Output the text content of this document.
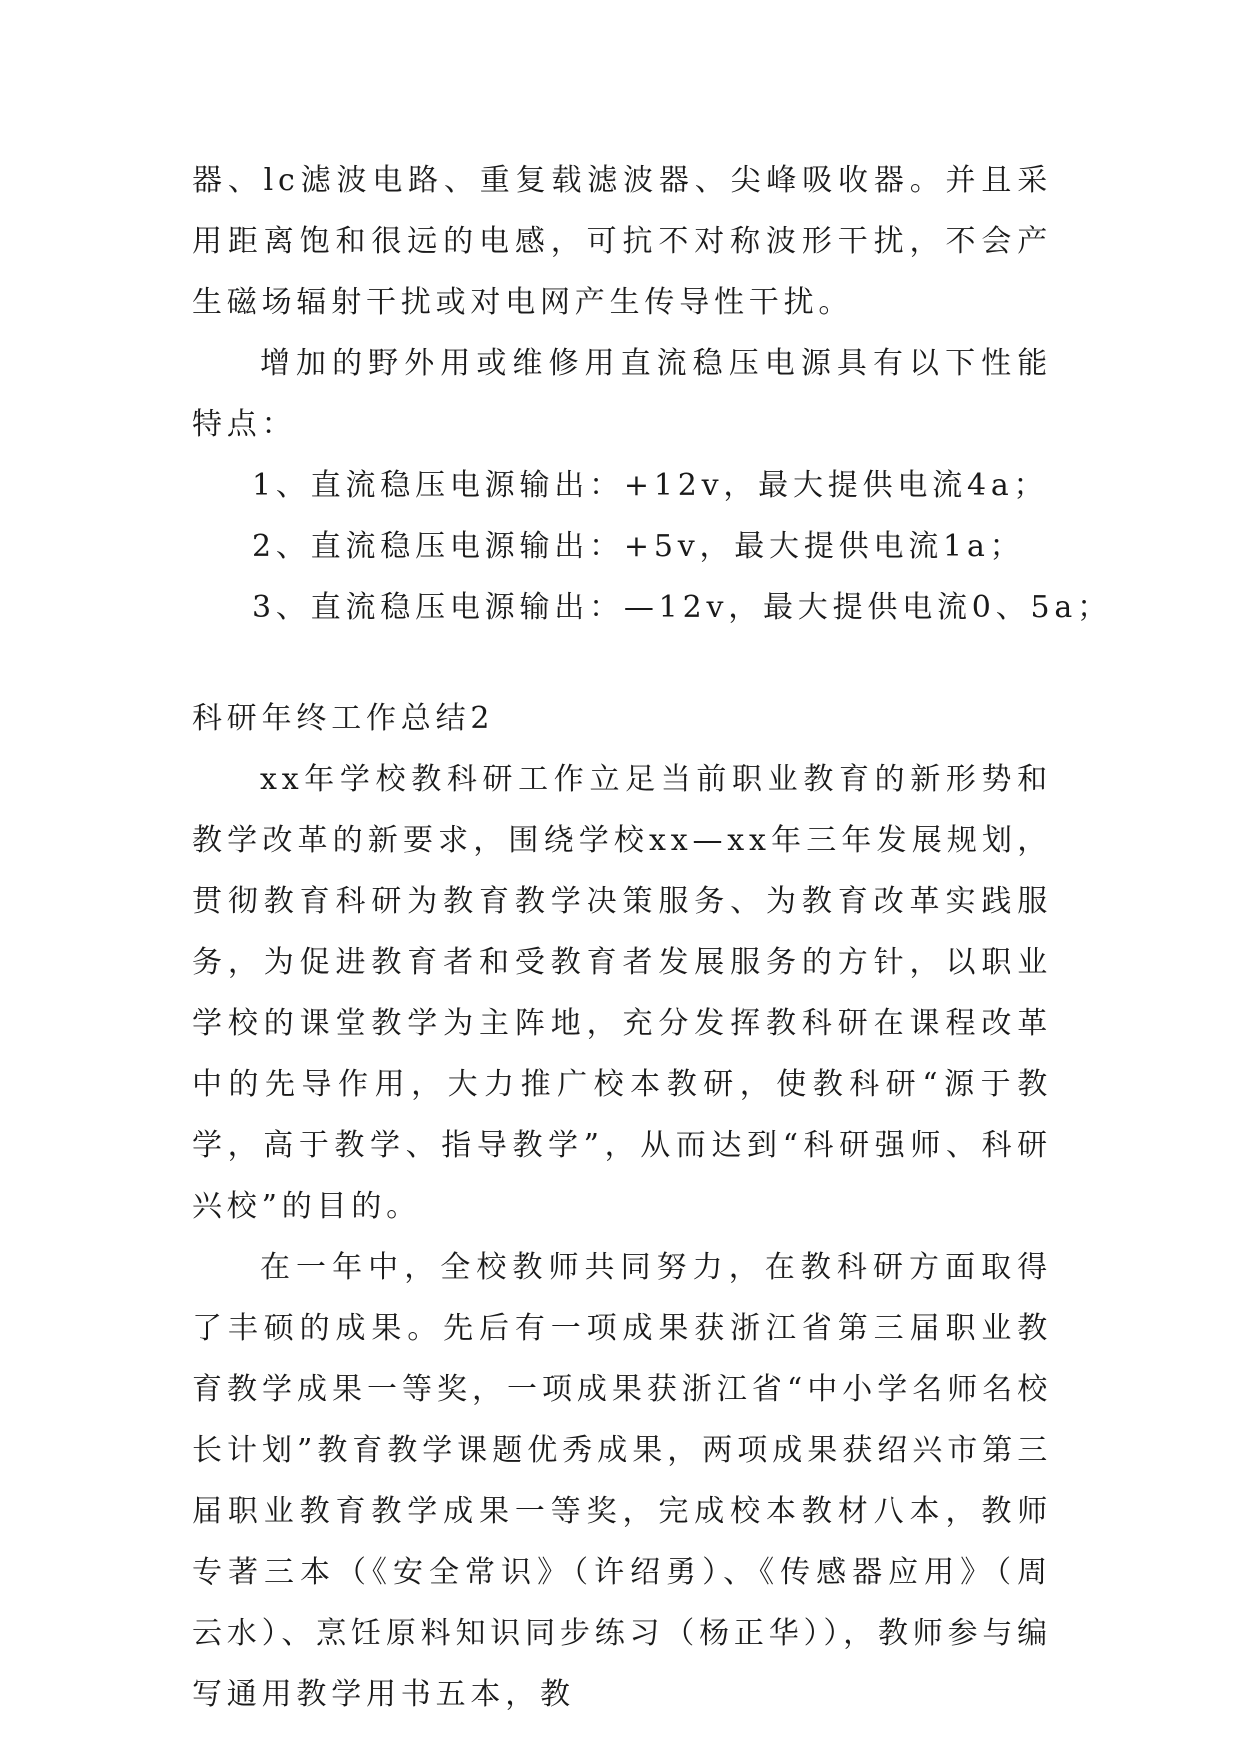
器、lc滤波电路、重复载滤波器、尖峰吸收器。并且采用距离饱和很远的电感，可抗不对称波形干扰，不会产生磁场辐射干扰或对电网产生传导性干扰。

增加的野外用或维修用直流稳压电源具有以下性能特点：

1、直流稳压电源输出：+12v，最大提供电流4a；

2、直流稳压电源输出：+5v，最大提供电流1a；

3、直流稳压电源输出：—12v，最大提供电流0、5a；

科研年终工作总结2

xx年学校教科研工作立足当前职业教育的新形势和教学改革的新要求，围绕学校xx—xx年三年发展规划，贯彻教育科研为教育教学决策服务、为教育改革实践服务，为促进教育者和受教育者发展服务的方针，以职业学校的课堂教学为主阵地，充分发挥教科研在课程改革中的先导作用，大力推广校本教研，使教科研“源于教学，高于教学、指导教学”，从而达到“科研强师、科研兴校”的目的。

在一年中，全校教师共同努力，在教科研方面取得了丰硕的成果。先后有一项成果获浙江省第三届职业教育教学成果一等奖，一项成果获浙江省“中小学名师名校长计划”教育教学课题优秀成果，两项成果获绍兴市第三届职业教育教学成果一等奖，完成校本教材八本，教师专著三本（《安全常识》（许绍勇）、《传感器应用》（周云水）、烹饪原料知识同步练习（杨正华）），教师参与编写通用教学用书五本，教
